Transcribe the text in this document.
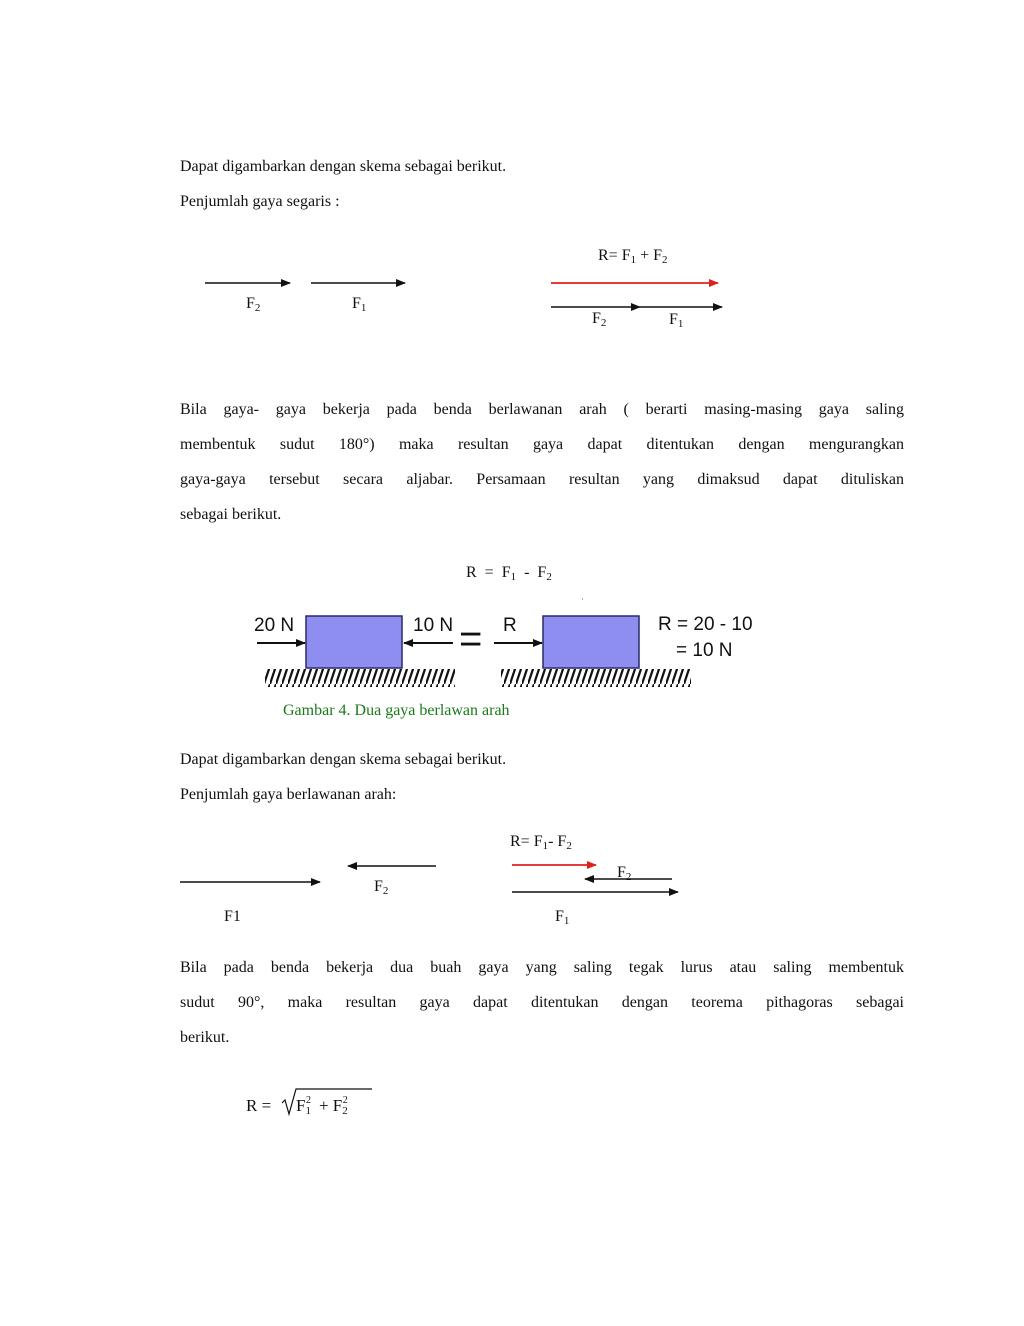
Dapat digambarkan dengan skema sebagai berikut.
Penjumlah gaya segaris :
$R= F_1 + F_2$
$F_2$	$F_1$
$F_2$	$F_1$
Bila gaya- gaya bekerja pada benda berlawanan arah ( berarti masing-masing gaya saling
membentuk sudut 180°) maka resultan gaya dapat ditentukan dengan mengurangkan
gaya-gaya tersebut secara aljabar. Persamaan resultan yang dimaksud dapat dituliskan
sebagai berikut.
$R = F_1 - F_2$
20 N	10 N = R	R = 20 - 10
= 10 N
Gambar 4. Dua gaya berlawan arah
Dapat digambarkan dengan skema sebagai berikut.
Penjumlah gaya berlawanan arah:
$R= F_1-$ $F_2$
$F_2$
F1
$F_2$
$F_1$
Bila pada benda bekerja dua buah gaya yang saling tegak lurus atau saling membentuk
sudut 90°, maka resultan gaya dapat ditentukan dengan teorema pithagoras sebagai
berikut.
$R = F_1^2 + F_2^2$
